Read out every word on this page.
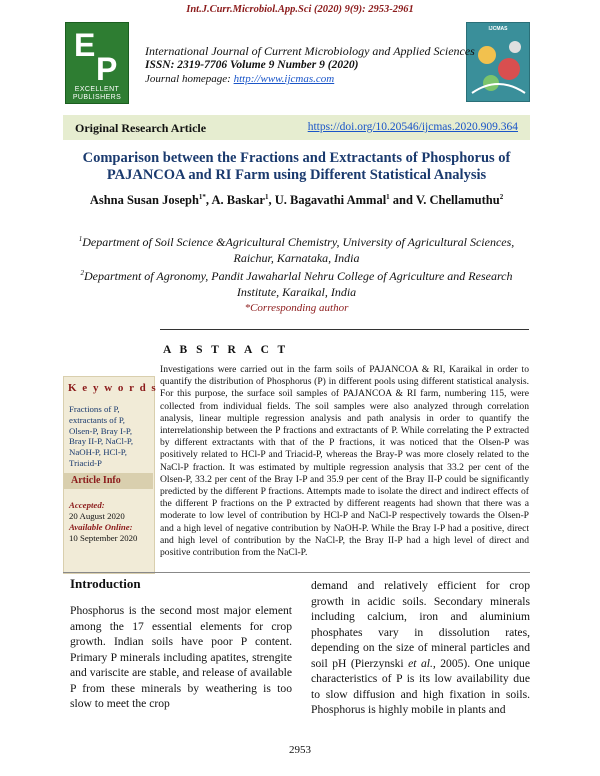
Int.J.Curr.Microbiol.App.Sci (2020) 9(9): 2953-2961
E
P
EXCELLENT PUBLISHERS
IJCMAS
International Journal of Current Microbiology and Applied Sciences
ISSN: 2319-7706 Volume 9 Number 9 (2020)
Journal homepage: http://www.ijcmas.com
Original Research Article	https://doi.org/10.20546/ijcmas.2020.909.364
Comparison between the Fractions and Extractants of Phosphorus of PAJANCOA and RI Farm using Different Statistical Analysis
Ashna Susan Joseph$^{1*}$, A. Baskar$^1$, U. Bagavathi Ammal$^1$ and V. Chellamuthu$^2$
$^1$Department of Soil Science &Agricultural Chemistry, University of Agricultural Sciences, Raichur, Karnataka, India
$^2$Department of Agronomy, Pandit Jawaharlal Nehru College of Agriculture and Research Institute, Karaikal, India
*Corresponding author
A B S T R A C T
K e y w o r d s
Fractions of P, extractants of P, Olsen-P, Bray I-P, Bray II-P, NaCl-P, NaOH-P, HCl-P, Triacid-P
Article Info
Accepted:
20 August 2020
Available Online:
10 September 2020
Investigations were carried out in the farm soils of PAJANCOA & RI, Karaikal in order to quantify the distribution of Phosphorus (P) in different pools using different statistical analysis. For this purpose, the surface soil samples of PAJANCOA & RI farm, numbering 115, were collected from individual fields. The soil samples were also analyzed through correlation analysis, linear multiple regression analysis and path analysis in order to quantify the interrelationship between the P fractions and extractants of P. While correlating the P extracted by different extractants with that of the P fractions, it was noticed that the Olsen-P was positively related to HCl-P and Triacid-P, whereas the Bray-P was more closely related to the NaCl-P fraction. It was estimated by multiple regression analysis that 33.2 per cent of the Olsen-P, 33.2 per cent of the Bray I-P and 35.9 per cent of the Bray II-P could be significantly predicted by the different P fractions. Attempts made to isolate the direct and indirect effects of the different P fractions on the P extracted by different reagents had shown that there was a moderate to low level of contribution by HCl-P and NaCl-P respectively towards the Olsen-P and a high level of negative contribution by NaOH-P. While the Bray I-P had a positive, direct and high level of contribution by the NaCl-P, the Bray II-P had a high level of direct and positive contribution from the NaCl-P.
Introduction
Phosphorus is the second most major element among the 17 essential elements for crop growth. Indian soils have poor P content. Primary P minerals including apatites, strengite and variscite are stable, and release of available P from these minerals by weathering is too slow to meet the crop
demand and relatively efficient for crop growth in acidic soils. Secondary minerals including calcium, iron and aluminium phosphates vary in dissolution rates, depending on the size of mineral particles and soil pH (Pierzynski et al., 2005). One unique characteristics of P is its low availability due to slow diffusion and high fixation in soils. Phosphorus is highly mobile in plants and
2953
